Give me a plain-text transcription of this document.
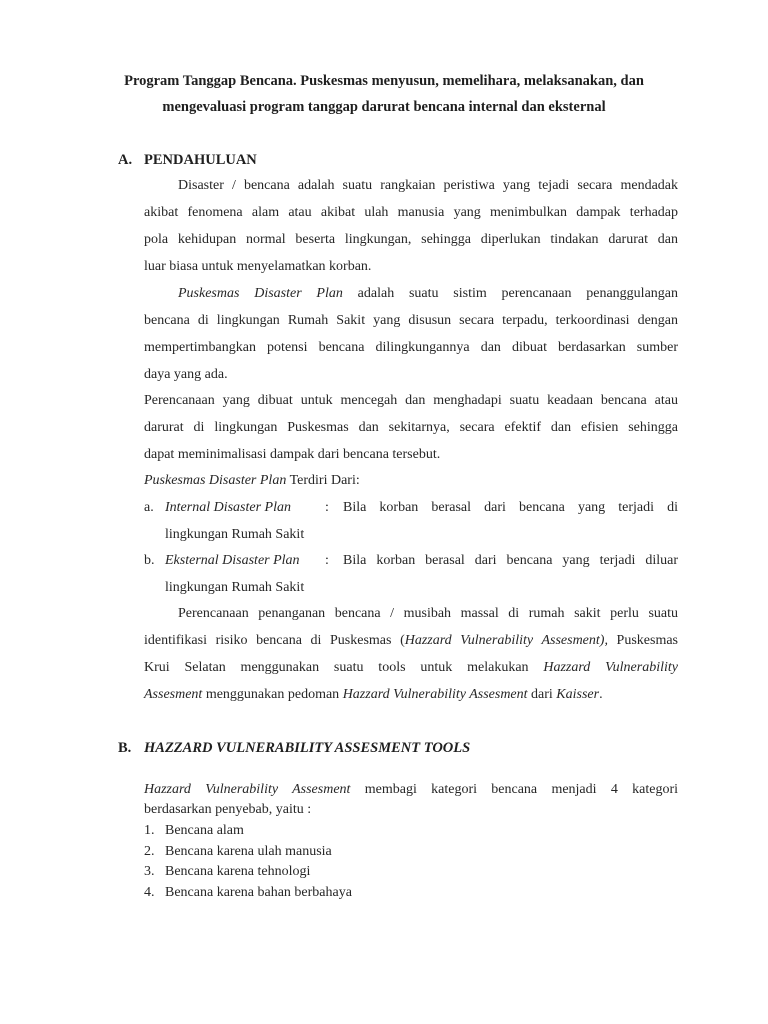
Program Tanggap Bencana. Puskesmas menyusun, memelihara, melaksanakan, dan
mengevaluasi program tanggap darurat bencana internal dan eksternal
A. PENDAHULUAN
Disaster / bencana adalah suatu rangkaian peristiwa yang tejadi secara mendadak
akibat fenomena alam atau akibat ulah manusia yang menimbulkan dampak terhadap
pola kehidupan normal beserta lingkungan, sehingga diperlukan tindakan darurat dan
luar biasa untuk menyelamatkan korban.
Puskesmas Disaster Plan adalah suatu sistim perencanaan penanggulangan
bencana di lingkungan Rumah Sakit yang disusun secara terpadu, terkoordinasi dengan
mempertimbangkan potensi bencana dilingkungannya dan dibuat berdasarkan sumber
daya yang ada.
Perencanaan yang dibuat untuk mencegah dan menghadapi suatu keadaan bencana atau
darurat di lingkungan Puskesmas dan sekitarnya, secara efektif dan efisien sehingga
dapat meminimalisasi dampak dari bencana tersebut.
Puskesmas Disaster Plan Terdiri Dari:
a. Internal Disaster Plan	:	Bila korban berasal dari bencana yang terjadi di
lingkungan Rumah Sakit
b. Eksternal Disaster Plan	:	Bila korban berasal dari bencana yang terjadi diluar
lingkungan Rumah Sakit
Perencanaan penanganan bencana / musibah massal di rumah sakit perlu suatu
identifikasi risiko bencana di Puskesmas (Hazzard Vulnerability Assesment), Puskesmas
Krui Selatan menggunakan suatu tools untuk melakukan Hazzard Vulnerability
Assesment menggunakan pedoman Hazzard Vulnerability Assesment dari Kaisser.
B. HAZZARD VULNERABILITY ASSESMENT TOOLS
Hazzard Vulnerability Assesment membagi kategori bencana menjadi 4 kategori
berdasarkan penyebab, yaitu :
1. Bencana alam
2. Bencana karena ulah manusia
3. Bencana karena tehnologi
4. Bencana karena bahan berbahaya
